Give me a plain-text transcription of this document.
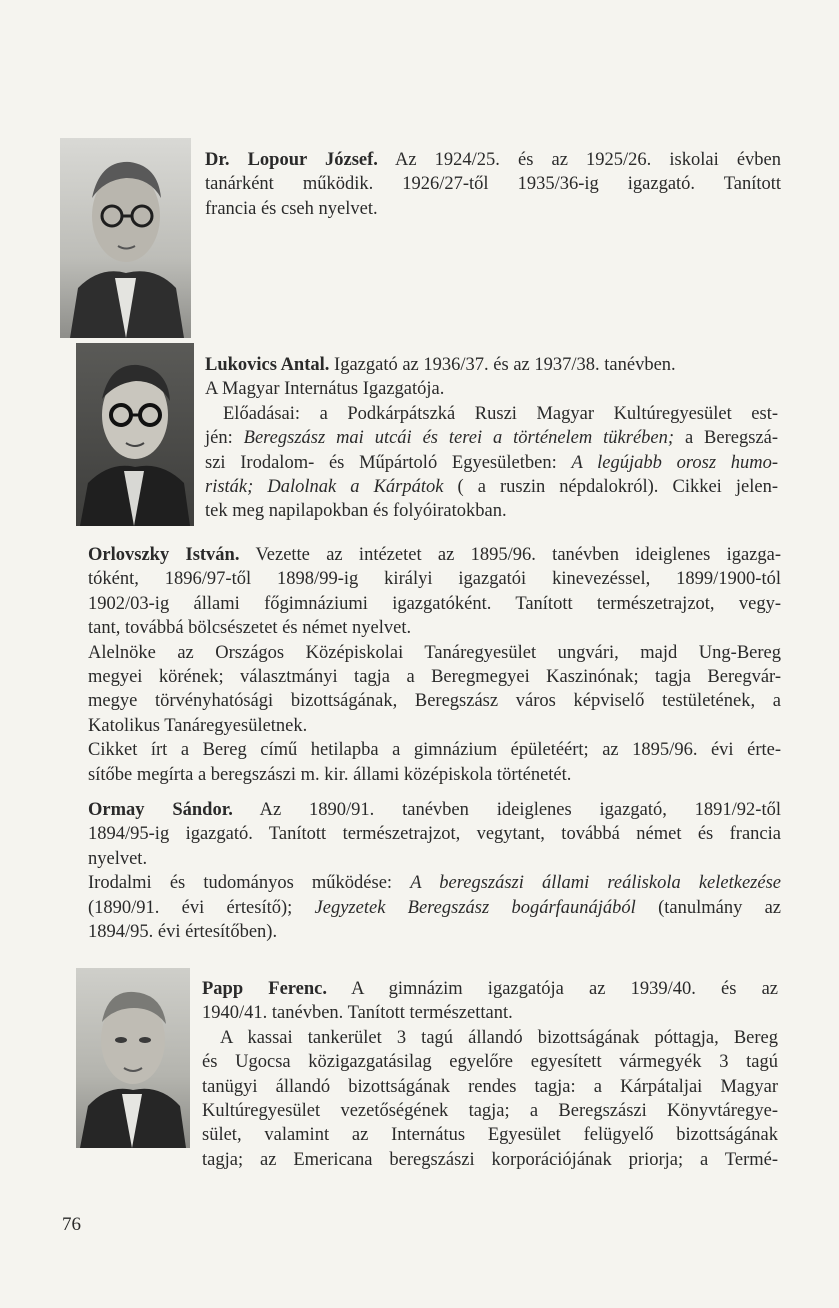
Dr. Lopour József. Az 1924/25. és az 1925/26. iskolai évben
tanárként működik. 1926/27-től 1935/36-ig igazgató. Tanított
francia és cseh nyelvet.
Lukovics Antal. Igazgató az 1936/37. és az 1937/38. tanévben.
A Magyar Internátus Igazgatója.
Előadásai: a Podkárpátszká Ruszi Magyar Kultúregyesület est-
jén: Beregszász mai utcái és terei a történelem tükrében; a Beregszá-
szi Irodalom- és Műpártoló Egyesületben: A legújabb orosz humo-
risták; Dalolnak a Kárpátok ( a ruszin népdalokról). Cikkei jelen-
tek meg napilapokban és folyóiratokban.
Orlovszky István. Vezette az intézetet az 1895/96. tanévben ideiglenes igazga-
tóként, 1896/97-től 1898/99-ig királyi igazgatói kinevezéssel, 1899/1900-tól
1902/03-ig állami főgimnáziumi igazgatóként. Tanított természetrajzot, vegy-
tant, továbbá bölcsészetet és német nyelvet.
Alelnöke az Országos Középiskolai Tanáregyesület ungvári, majd Ung-Bereg
megyei körének; választmányi tagja a Beregmegyei Kaszinónak; tagja Beregvár-
megye törvényhatósági bizottságának, Beregszász város képviselő testületének, a
Katolikus Tanáregyesületnek.
Cikket írt a Bereg című hetilapba a gimnázium épületéért; az 1895/96. évi érte-
sítőbe megírta a beregszászi m. kir. állami középiskola történetét.
Ormay Sándor. Az 1890/91. tanévben ideiglenes igazgató, 1891/92-től
1894/95-ig igazgató. Tanított természetrajzot, vegytant, továbbá német és francia
nyelvet.
Irodalmi és tudományos működése: A beregszászi állami reáliskola keletkezése
(1890/91. évi értesítő); Jegyzetek Beregszász bogárfaunájából (tanulmány az
1894/95. évi értesítőben).
Papp Ferenc. A gimnázim igazgatója az 1939/40. és az
1940/41. tanévben. Tanított természettant.
A kassai tankerület 3 tagú állandó bizottságának póttagja, Bereg
és Ugocsa közigazgatásilag egyelőre egyesített vármegyék 3 tagú
tanügyi állandó bizottságának rendes tagja: a Kárpátaljai Magyar
Kultúregyesület vezetőségének tagja; a Beregszászi Könyvtáregye-
sület, valamint az Internátus Egyesület felügyelő bizottságának
tagja; az Emericana beregszászi korporációjának priorja; a Termé-
76
